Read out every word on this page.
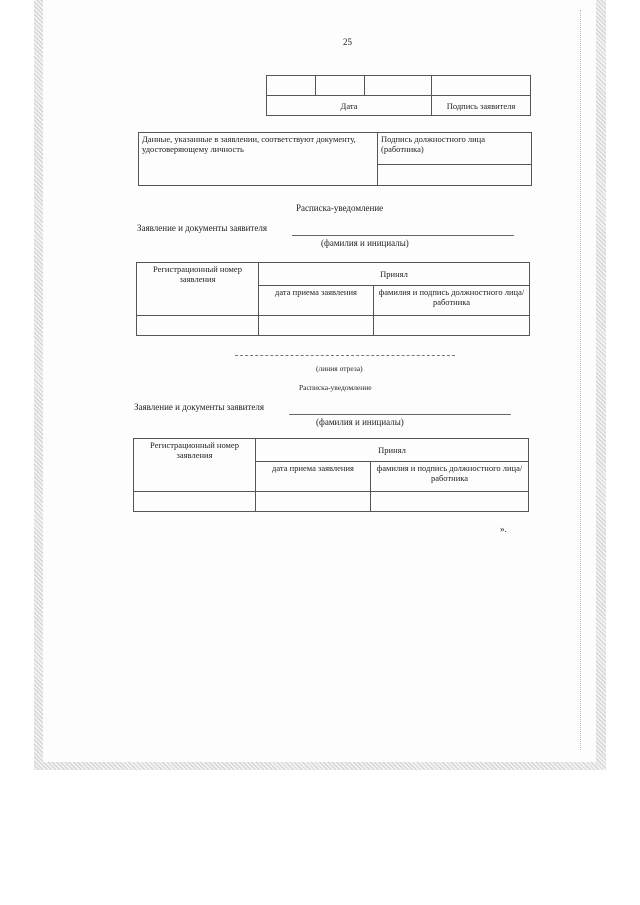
25

Дата			Подпись заявителя
Данные, указанные в заявлении, соответствуют документу, удостоверяющему личность	Подпись должностного лица (работника)

Расписка-уведомление
Заявление и документы заявителя
(фамилия и инициалы)
Регистрационный номер заявления	Принял	
	дата приема заявления	фамилия и подпись должностного лица/работника

(линия отреза)
Расписка-уведомление
Заявление и документы заявителя
(фамилия и инициалы)
Регистрационный номер заявления	Принял	
	дата приема заявления	фамилия и подпись должностного лица/работника

».
